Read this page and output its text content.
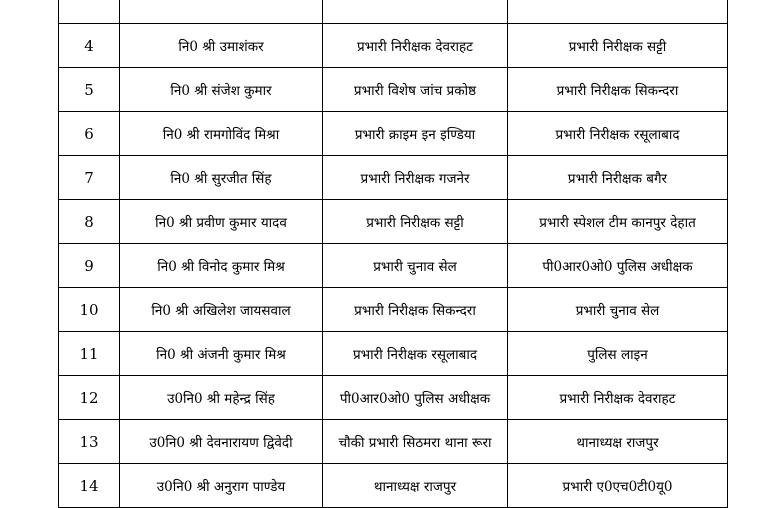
4	नि0 श्री उमाशंकर	प्रभारी निरीक्षक देवराहट	प्रभारी निरीक्षक सट्टी
5	नि0 श्री संजेश कुमार	प्रभारी विशेष जांच प्रकोष्ठ	प्रभारी निरीक्षक सिकन्दरा
6	नि0 श्री रामगोविंद मिश्रा	प्रभारी क्राइम इन इण्डिया	प्रभारी निरीक्षक रसूलाबाद
7	नि0 श्री सुरजीत सिंह	प्रभारी निरीक्षक गजनेर	प्रभारी निरीक्षक बगैर
8	नि0 श्री प्रवीण कुमार यादव	प्रभारी निरीक्षक सट्टी	प्रभारी स्पेशल टीम कानपुर देहात
9	नि0 श्री विनोद कुमार मिश्र	प्रभारी चुनाव सेल	पी0आर0ओ0 पुलिस अधीक्षक
10	नि0 श्री अखिलेश जायसवाल	प्रभारी निरीक्षक सिकन्दरा	प्रभारी चुनाव सेल
11	नि0 श्री अंजनी कुमार मिश्र	प्रभारी निरीक्षक रसूलाबाद	पुलिस लाइन
12	उ0नि0 श्री महेन्द्र सिंह	पी0आर0ओ0 पुलिस अधीक्षक	प्रभारी निरीक्षक देवराहट
13	उ0नि0 श्री देवनारायण द्विवेदी	चौकी प्रभारी सिठमरा थाना रूरा	थानाध्यक्ष राजपुर
14	उ0नि0 श्री अनुराग पाण्डेय	थानाध्यक्ष राजपुर	प्रभारी ए0एच0टी0यू0
